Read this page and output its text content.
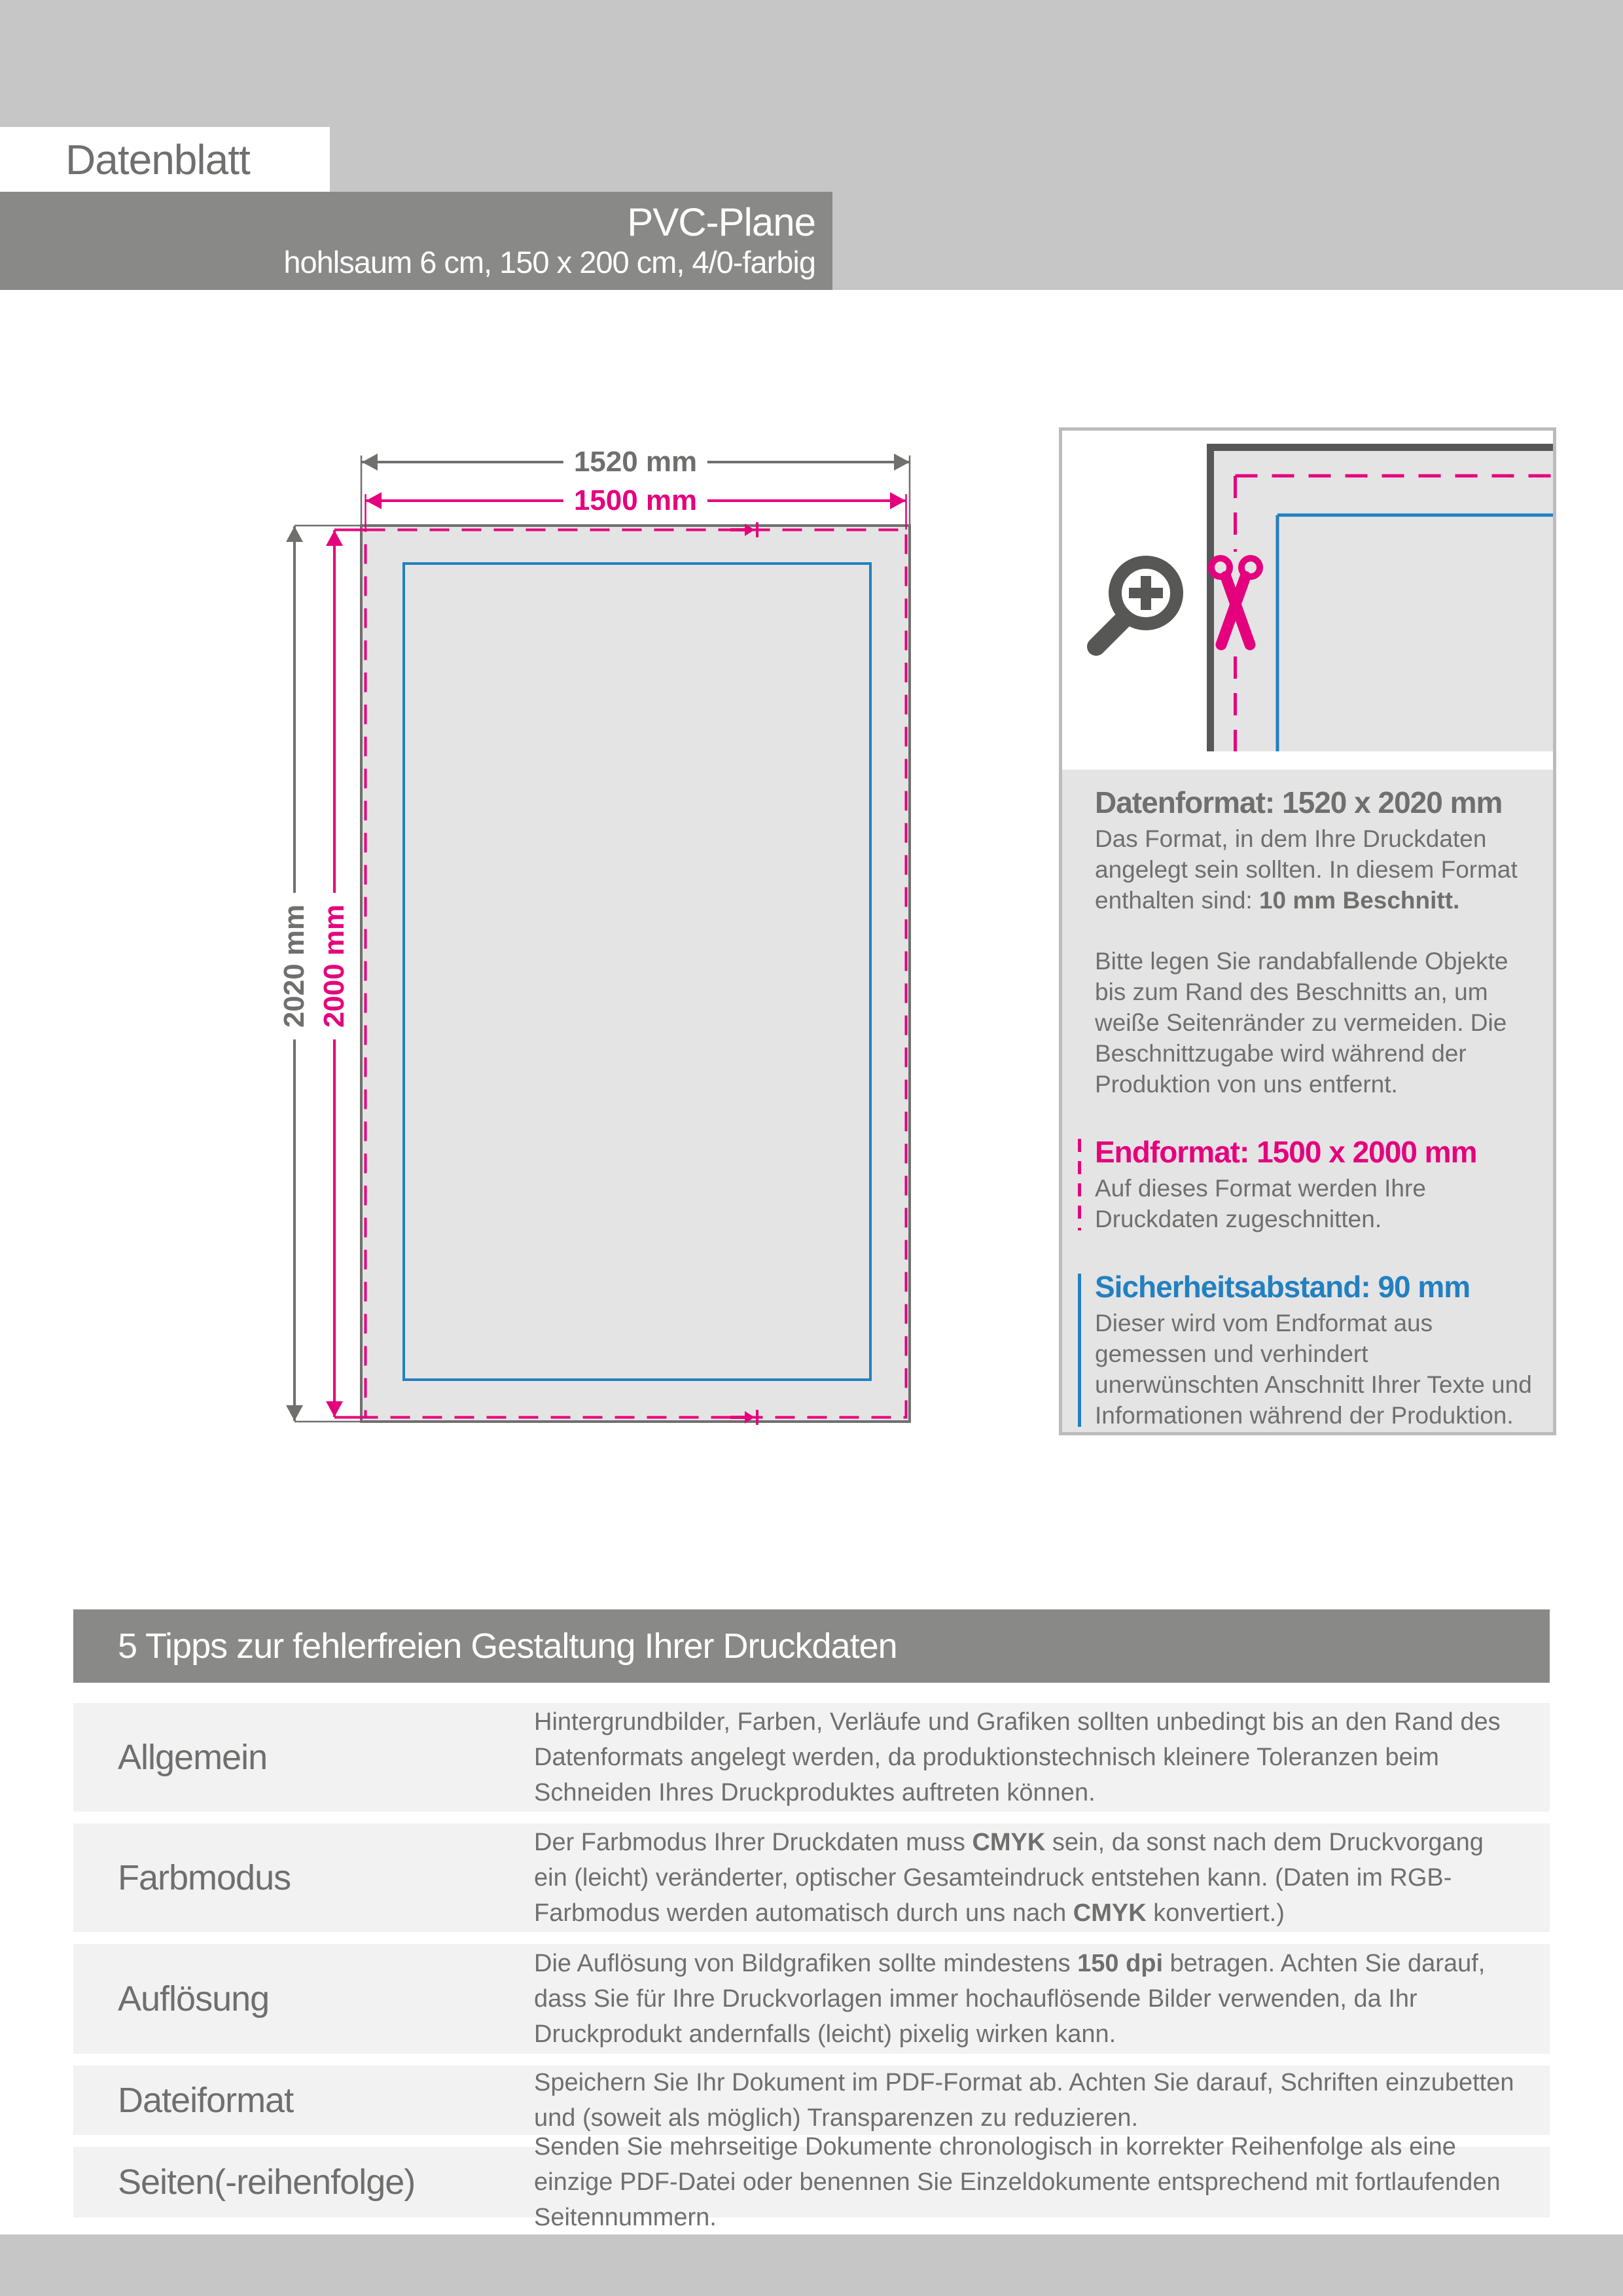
Datenblatt
PVC-Plane
hohlsaum 6 cm, 150 x 200 cm, 4/0-farbig
1520 mm
1500 mm
2020 mm 2000 mm
Datenformat: 1520 x 2020 mm

Das Format, in dem Ihre Druckdaten angelegt sein sollten. In diesem Format enthalten sind: 10 mm Beschnitt.

Bitte legen Sie randabfallende Objekte bis zum Rand des Beschnitts an, um weiße Seitenränder zu vermeiden. Die Beschnittzugabe wird während der Produktion von uns entfernt.

Endformat: 1500 x 2000 mm

Auf dieses Format werden Ihre Druckdaten zugeschnitten.

Sicherheitsabstand: 90 mm

Dieser wird vom Endformat aus gemessen und verhindert unerwünschten Anschnitt Ihrer Texte und Informationen während der Produktion.

5 Tipps zur fehlerfreien Gestaltung Ihrer Druckdaten
Allgemein
Hintergrundbilder, Farben, Verläufe und Grafiken sollten unbedingt bis an den Rand des Datenformats angelegt werden, da produktionstechnisch kleinere Toleranzen beim Schneiden Ihres Druckproduktes auftreten können.
Farbmodus
Der Farbmodus Ihrer Druckdaten muss CMYK sein, da sonst nach dem Druckvorgang ein (leicht) veränderter, optischer Gesamteindruck entstehen kann. (Daten im RGB-Farbmodus werden automatisch durch uns nach CMYK konvertiert.)
Auflösung
Die Auflösung von Bildgrafiken sollte mindestens 150 dpi betragen. Achten Sie darauf, dass Sie für Ihre Druckvorlagen immer hochauflösende Bilder verwenden, da Ihr Druckprodukt andernfalls (leicht) pixelig wirken kann.
Dateiformat	Speichern Sie Ihr Dokument im PDF-Format ab. Achten Sie darauf, Schriften einzubetten und (soweit als möglich) Transparenzen zu reduzieren.
Seiten(-reihenfolge)
Senden Sie mehrseitige Dokumente chronologisch in korrekter Reihenfolge als eine einzige PDF-Datei oder benennen Sie Einzeldokumente entsprechend mit fortlaufenden Seitennummern.
